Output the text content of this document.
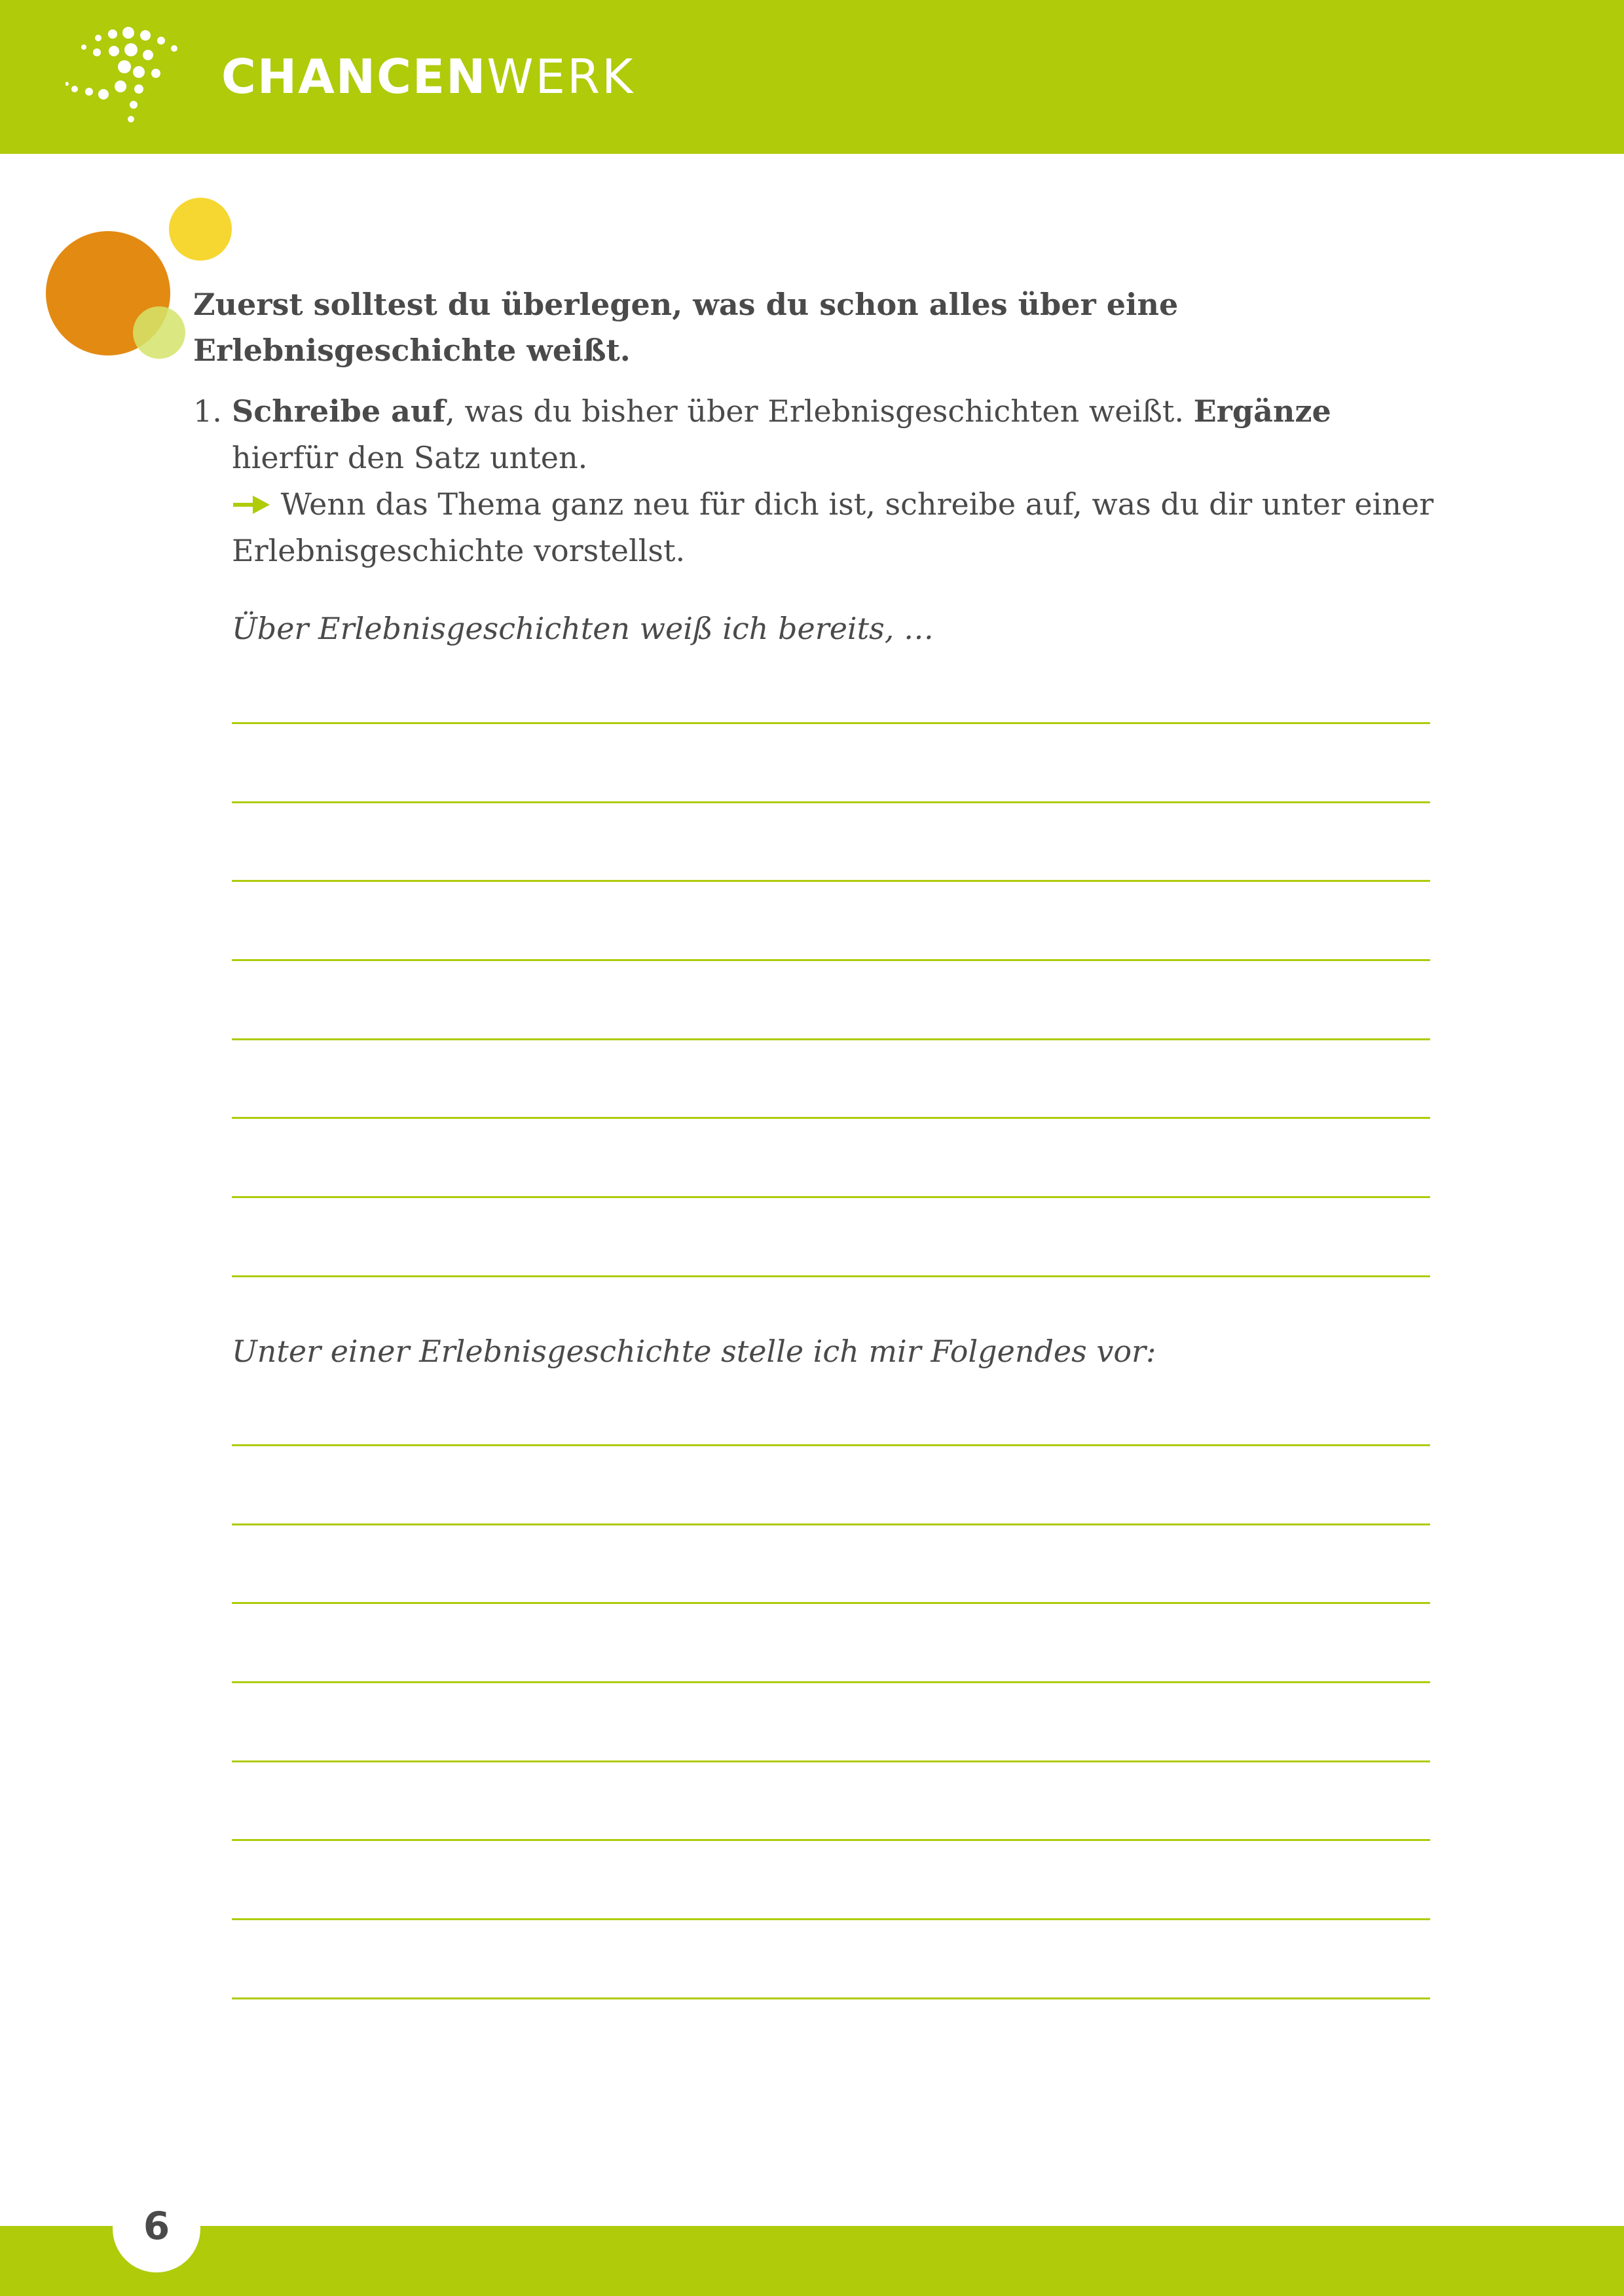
CHANCENWERK
Zuerst solltest du überlegen, was du schon alles über eine Erlebnisgeschichte weißt.
1. Schreibe auf, was du bisher über Erlebnisgeschichten weißt. Ergänze hierfür den Satz unten.
Wenn das Thema ganz neu für dich ist, schreibe auf, was du dir unter einer Erlebnisgeschichte vorstellst.
Über Erlebnisgeschichten weiß ich bereits, …
Unter einer Erlebnisgeschichte stelle ich mir Folgendes vor:
6
